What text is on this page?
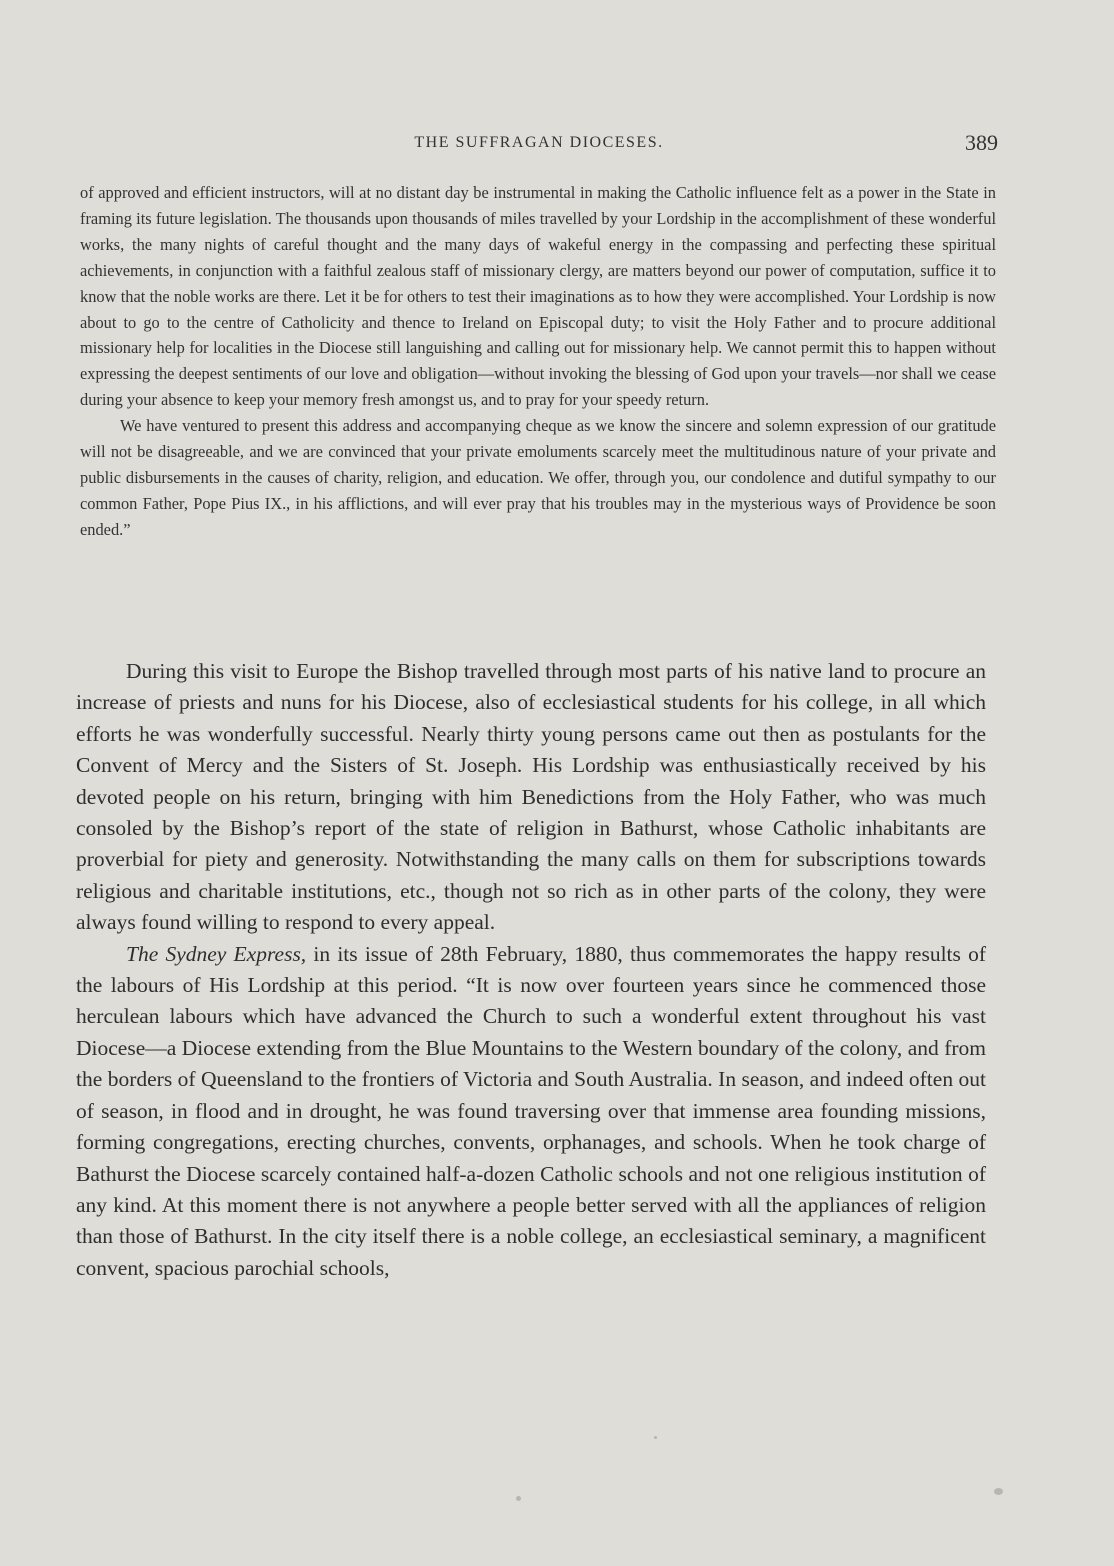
THE SUFFRAGAN DIOCESES.	389

of approved and efficient instructors, will at no distant day be instrumental in making the Catholic influence felt as a power in the State in framing its future legislation. The thousands upon thousands of miles travelled by your Lordship in the accomplishment of these wonderful works, the many nights of careful thought and the many days of wakeful energy in the compassing and perfecting these spiritual achievements, in conjunction with a faithful zealous staff of missionary clergy, are matters beyond our power of computation, suffice it to know that the noble works are there. Let it be for others to test their imaginations as to how they were accomplished. Your Lordship is now about to go to the centre of Catholicity and thence to Ireland on Episcopal duty; to visit the Holy Father and to procure additional missionary help for localities in the Diocese still languishing and calling out for missionary help. We cannot permit this to happen without expressing the deepest sentiments of our love and obligation—without invoking the blessing of God upon your travels—nor shall we cease during your absence to keep your memory fresh amongst us, and to pray for your speedy return.

We have ventured to present this address and accompanying cheque as we know the sincere and solemn expression of our gratitude will not be disagreeable, and we are convinced that your private emoluments scarcely meet the multitudinous nature of your private and public disbursements in the causes of charity, religion, and education. We offer, through you, our condolence and dutiful sympathy to our common Father, Pope Pius IX., in his afflictions, and will ever pray that his troubles may in the mysterious ways of Providence be soon ended.”

During this visit to Europe the Bishop travelled through most parts of his native land to procure an increase of priests and nuns for his Diocese, also of ecclesiastical students for his college, in all which efforts he was wonderfully successful. Nearly thirty young persons came out then as postulants for the Convent of Mercy and the Sisters of St. Joseph. His Lordship was enthusiastically received by his devoted people on his return, bringing with him Benedictions from the Holy Father, who was much consoled by the Bishop’s report of the state of religion in Bathurst, whose Catholic inhabitants are proverbial for piety and generosity. Notwithstanding the many calls on them for subscriptions towards religious and charitable institutions, etc., though not so rich as in other parts of the colony, they were always found willing to respond to every appeal.

The Sydney Express, in its issue of 28th February, 1880, thus commemorates the happy results of the labours of His Lordship at this period. “It is now over fourteen years since he commenced those herculean labours which have advanced the Church to such a wonderful extent throughout his vast Diocese—a Diocese extending from the Blue Mountains to the Western boundary of the colony, and from the borders of Queensland to the frontiers of Victoria and South Australia. In season, and indeed often out of season, in flood and in drought, he was found traversing over that immense area founding missions, forming congregations, erecting churches, convents, orphanages, and schools. When he took charge of Bathurst the Diocese scarcely contained half-a-dozen Catholic schools and not one religious institution of any kind. At this moment there is not anywhere a people better served with all the appliances of religion than those of Bathurst. In the city itself there is a noble college, an ecclesiastical seminary, a magnificent convent, spacious parochial schools,
